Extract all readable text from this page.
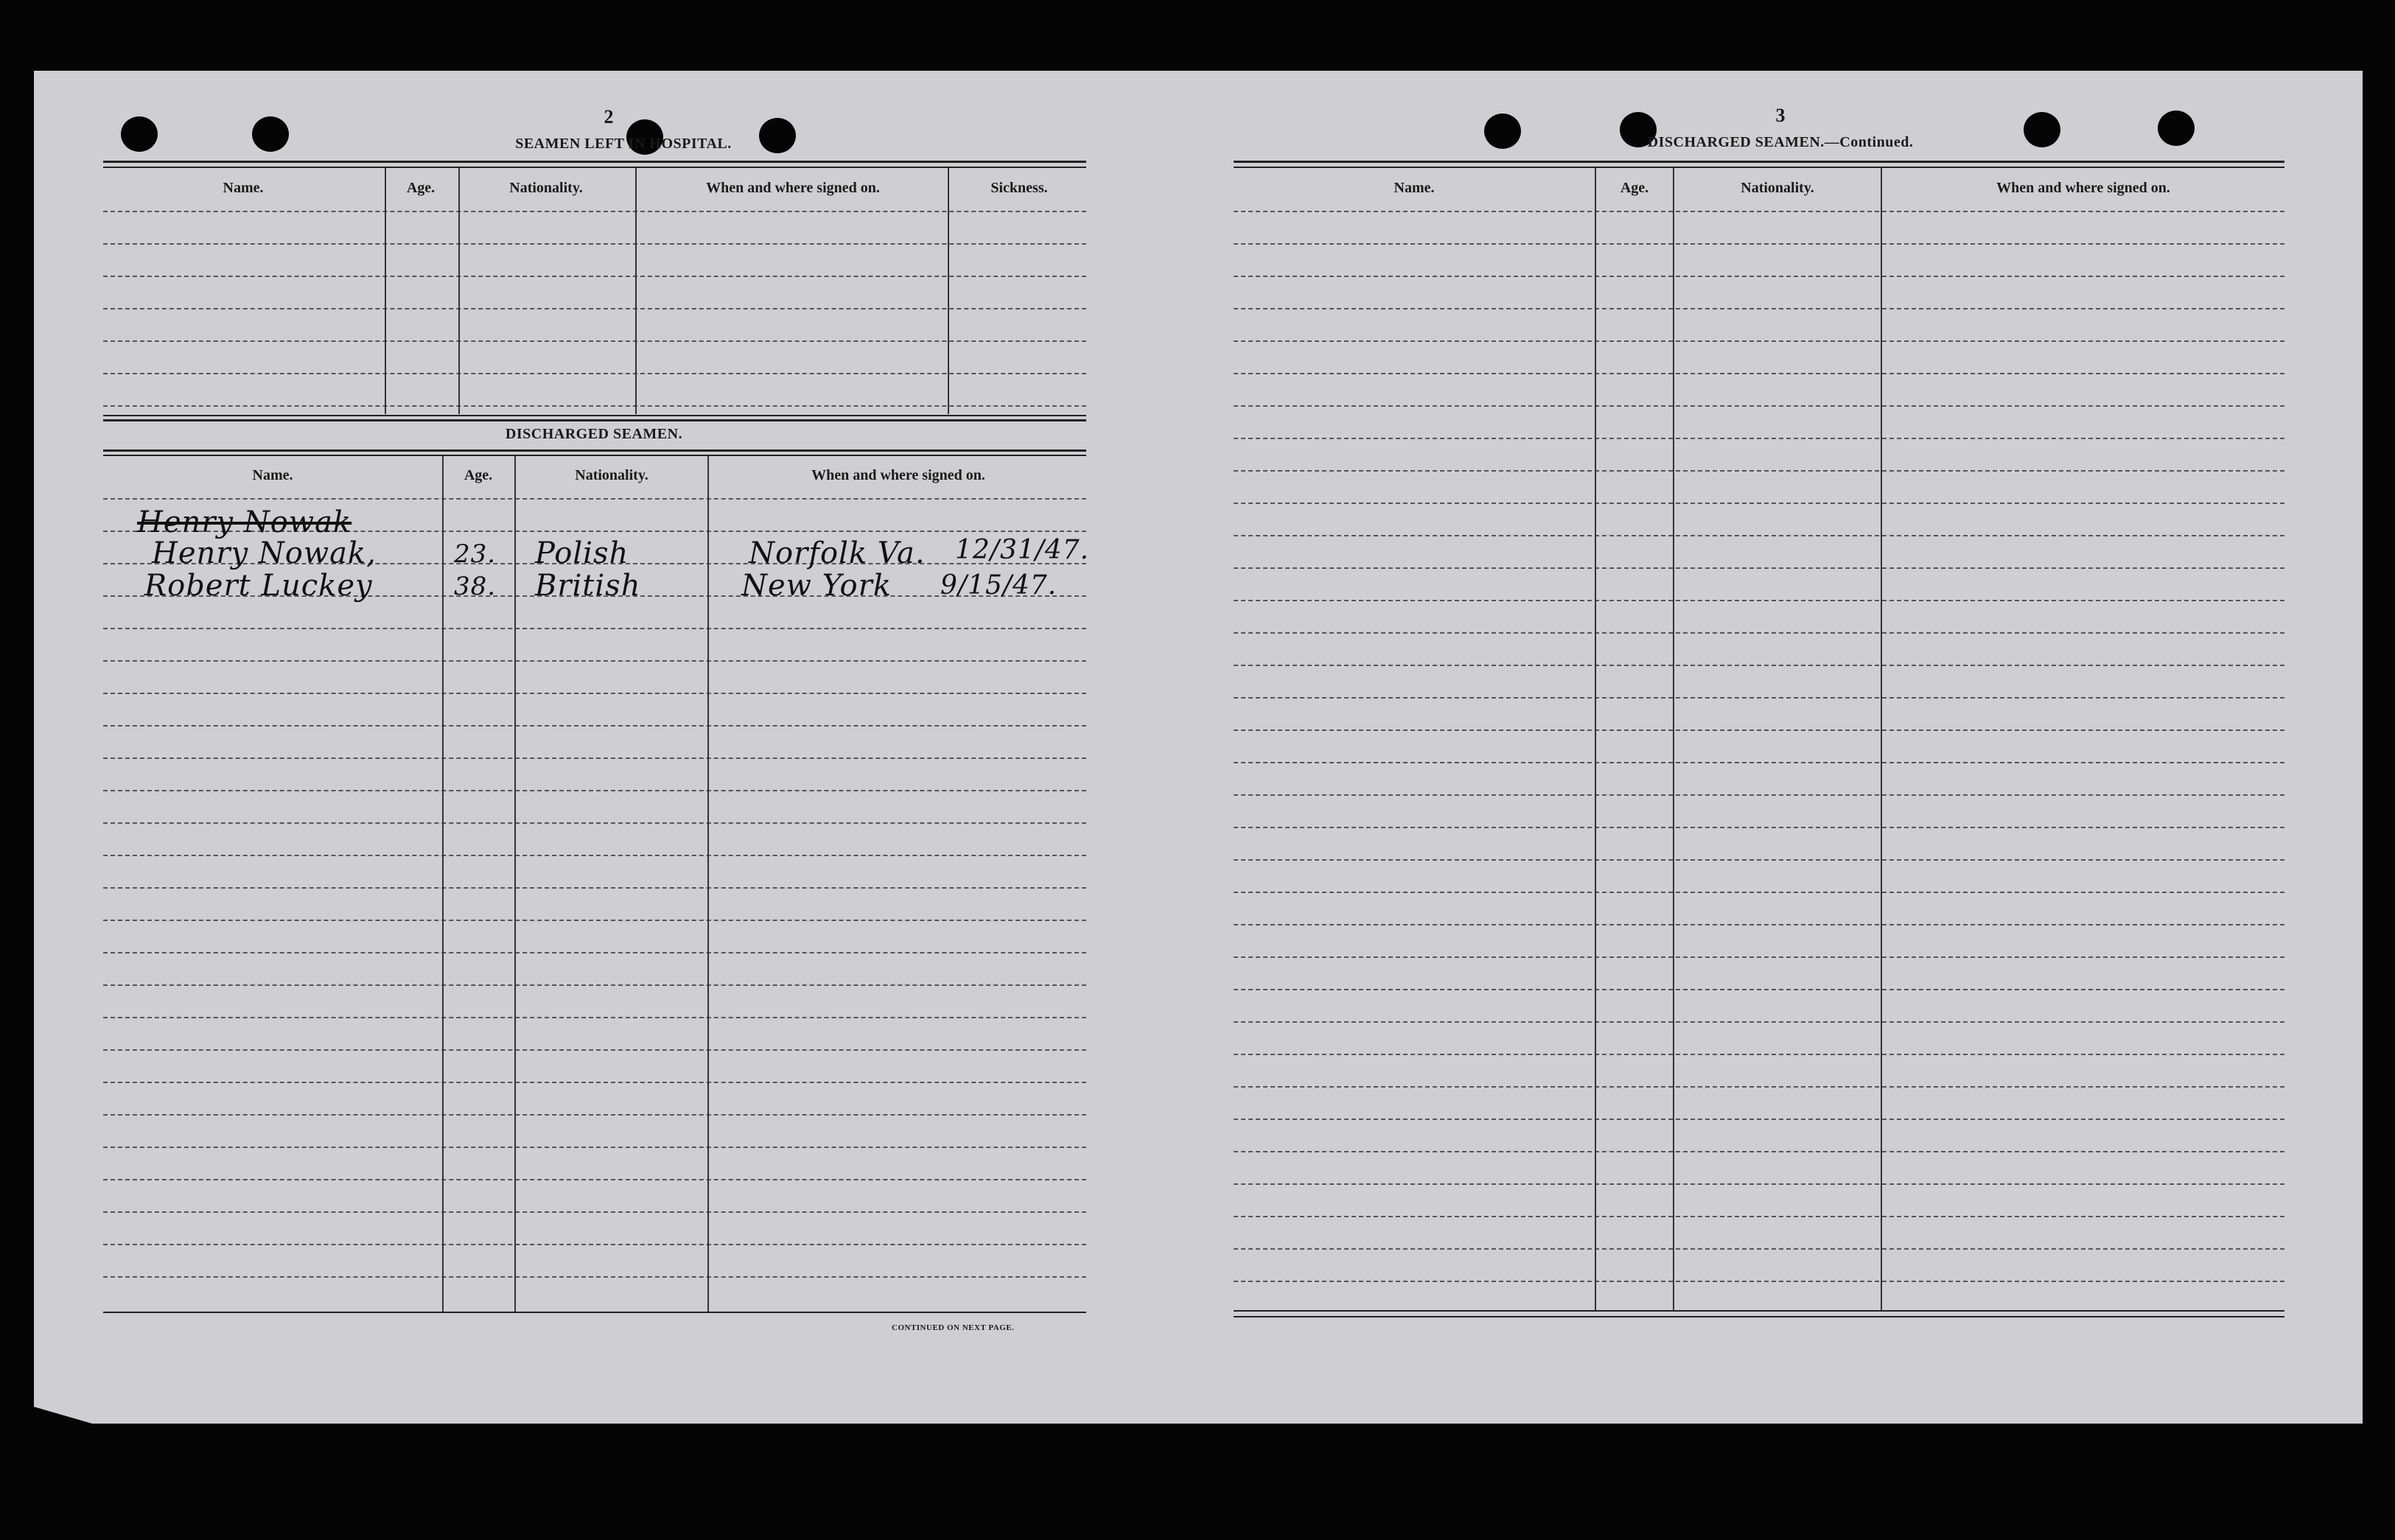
2
SEAMEN LEFT IN HOSPITAL.
Name.	Age.	Nationality.	When and where signed on.	Sickness.
DISCHARGED SEAMEN.
Name.	Age.	Nationality.	When and where signed on.
Henry Nowak
Henry Nowak,	23. Polish	Norfolk Va. 12/31/47.
Robert Luckey	38. British	New York 9/15/47.
CONTINUED ON NEXT PAGE.
3
DISCHARGED SEAMEN.—Continued.
Name.	Age.	Nationality.	When and where signed on.
